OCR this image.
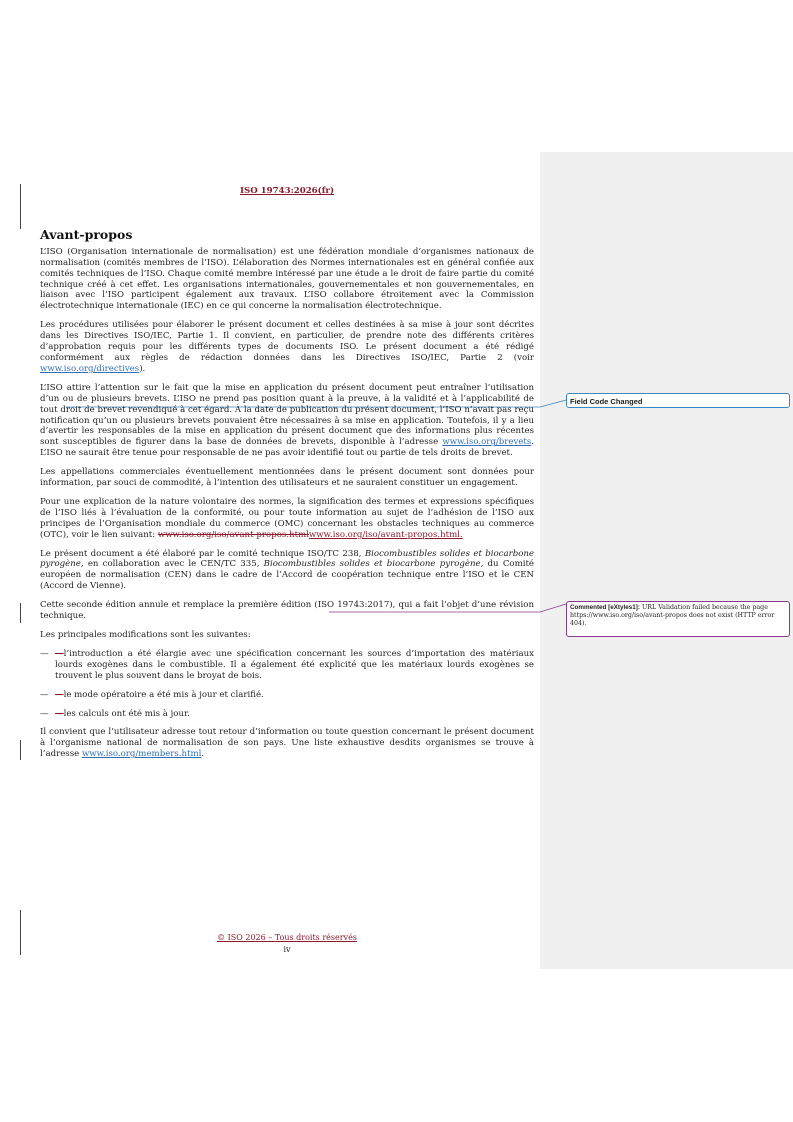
ISO 19743:2026(fr)
Avant-propos

L’ISO (Organisation internationale de normalisation) est une fédération mondiale d’organismes nationaux de normalisation (comités membres de l’ISO). L’élaboration des Normes internationales est en général confiée aux comités techniques de l’ISO. Chaque comité membre intéressé par une étude a le droit de faire partie du comité technique créé à cet effet. Les organisations internationales, gouvernementales et non gouvernementales, en liaison avec l’ISO participent également aux travaux. L’ISO collabore étroitement avec la Commission électrotechnique internationale (IEC) en ce qui concerne la normalisation électrotechnique.

Les procédures utilisées pour élaborer le présent document et celles destinées à sa mise à jour sont décrites dans les Directives ISO/IEC, Partie 1. Il convient, en particulier, de prendre note des différents critères d’approbation requis pour les différents types de documents ISO. Le présent document a été rédigé conformément aux règles de rédaction données dans les Directives ISO/IEC, Partie 2 (voir www.iso.org/directives).

L’ISO attire l’attention sur le fait que la mise en application du présent document peut entraîner l’utilisation d’un ou de plusieurs brevets. L’ISO ne prend pas position quant à la preuve, à la validité et à l’applicabilité de tout droit de brevet revendiqué à cet égard. À la date de publication du présent document, l’ISO n’avait pas reçu notification qu’un ou plusieurs brevets pouvaient être nécessaires à sa mise en application. Toutefois, il y a lieu d’avertir les responsables de la mise en application du présent document que des informations plus récentes sont susceptibles de figurer dans la base de données de brevets, disponible à l’adresse www.iso.org/brevets. L’ISO ne saurait être tenue pour responsable de ne pas avoir identifié tout ou partie de tels droits de brevet.

Les appellations commerciales éventuellement mentionnées dans le présent document sont données pour information, par souci de commodité, à l’intention des utilisateurs et ne sauraient constituer un engagement.

Pour une explication de la nature volontaire des normes, la signification des termes et expressions spécifiques de l’ISO liés à l’évaluation de la conformité, ou pour toute information au sujet de l’adhésion de l’ISO aux principes de l’Organisation mondiale du commerce (OMC) concernant les obstacles techniques au commerce (OTC), voir le lien suivant: www.iso.org/iso/avant-propos.htmlwww.iso.org/iso/avant-propos.html.

Le présent document a été élaboré par le comité technique ISO/TC 238, Biocombustibles solides et biocarbone pyrogène, en collaboration avec le CEN/TC 335, Biocombustibles solides et biocarbone pyrogène, du Comité européen de normalisation (CEN) dans le cadre de l’Accord de coopération technique entre l’ISO et le CEN (Accord de Vienne).

Cette seconde édition annule et remplace la première édition (ISO 19743:2017), qui a fait l’objet d’une révision technique.

Les principales modifications sont les suivantes:

— —l’introduction a été élargie avec une spécification concernant les sources d’importation des matériaux lourds exogènes dans le combustible. Il a également été explicité que les matériaux lourds exogènes se trouvent le plus souvent dans le broyat de bois.
— —le mode opératoire a été mis à jour et clarifié.
— —les calculs ont été mis à jour.

Il convient que l’utilisateur adresse tout retour d’information ou toute question concernant le présent document à l’organisme national de normalisation de son pays. Une liste exhaustive desdits organismes se trouve à l’adresse www.iso.org/members.html.

© ISO 2026 – Tous droits réservés
iv
Field Code Changed
Commented [eXtyles1]: URL Validation failed because the page https://www.iso.org/iso/avant-propos does not exist (HTTP error 404).
